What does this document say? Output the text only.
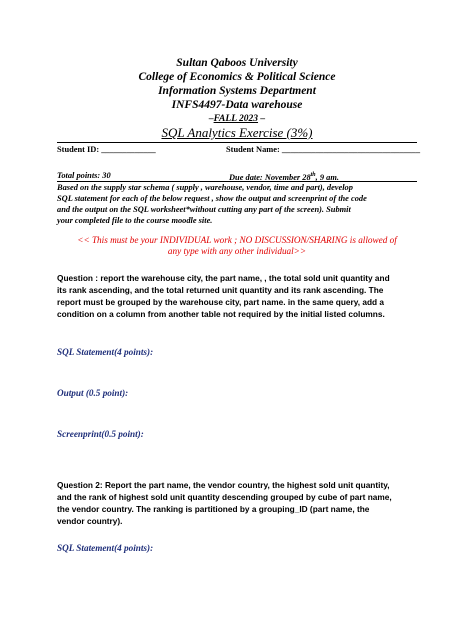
Sultan Qaboos University
College of Economics & Political Science
Information Systems Department
INFS4497-Data warehouse
–FALL 2023 –
SQL Analytics Exercise (3%)
Student ID: _____________	Student Name: _________________________________
Total points: 30	Due date: November 28th, 9 am.
Based on the supply star schema ( supply , warehouse, vendor, time and part), develop
SQL statement for each of the below request , show the output and screenprint of the code
and the output on the SQL worksheet*without cutting any part of the screen). Submit
your completed file to the course moodle site.
<< This must be your INDIVIDUAL work ; NO DISCUSSION/SHARING is allowed of
any type with any other individual>>
Question : report the warehouse city, the part name, , the total sold unit quantity and
its rank ascending, and the total returned unit quantity and its rank ascending. The
report must be grouped by the warehouse city, part name. in the same query, add a
condition on a column from another table not required by the initial listed columns.
SQL Statement(4 points):
Output (0.5 point):
Screenprint(0.5 point):
Question 2: Report the part name, the vendor country, the highest sold unit quantity,
and the rank of highest sold unit quantity descending grouped by cube of part name,
the vendor country. The ranking is partitioned by a grouping_ID (part name, the
vendor country).
SQL Statement(4 points):
